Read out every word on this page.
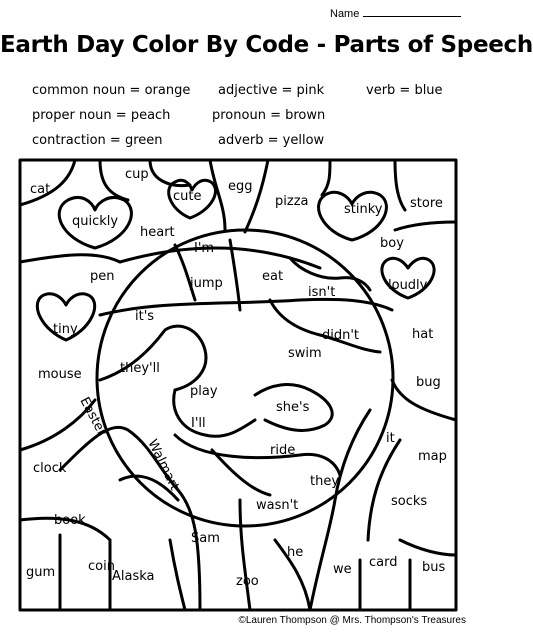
Name
Earth Day Color By Code - Parts of Speech
common noun = orange adjective = pink	verb = blue
proper noun = peach	pronoun = brown
contraction = green	adverb = yellow
cup
cat	cute
egg
pizza
stinky store
quickly
heart
I'm	boy
pen	jump	eat
isn't	loudly
tiny
it's
didn't	hat
swim
mouse	they'll
play
bug
she's
Easter	I'll
ride
it
map
Walmart
clock
they
wasn't	socks
book
Sam
coin
he
card
gum	Alaska	we	bus
zoo
©Lauren Thompson @ Mrs. Thompson's Treasures
